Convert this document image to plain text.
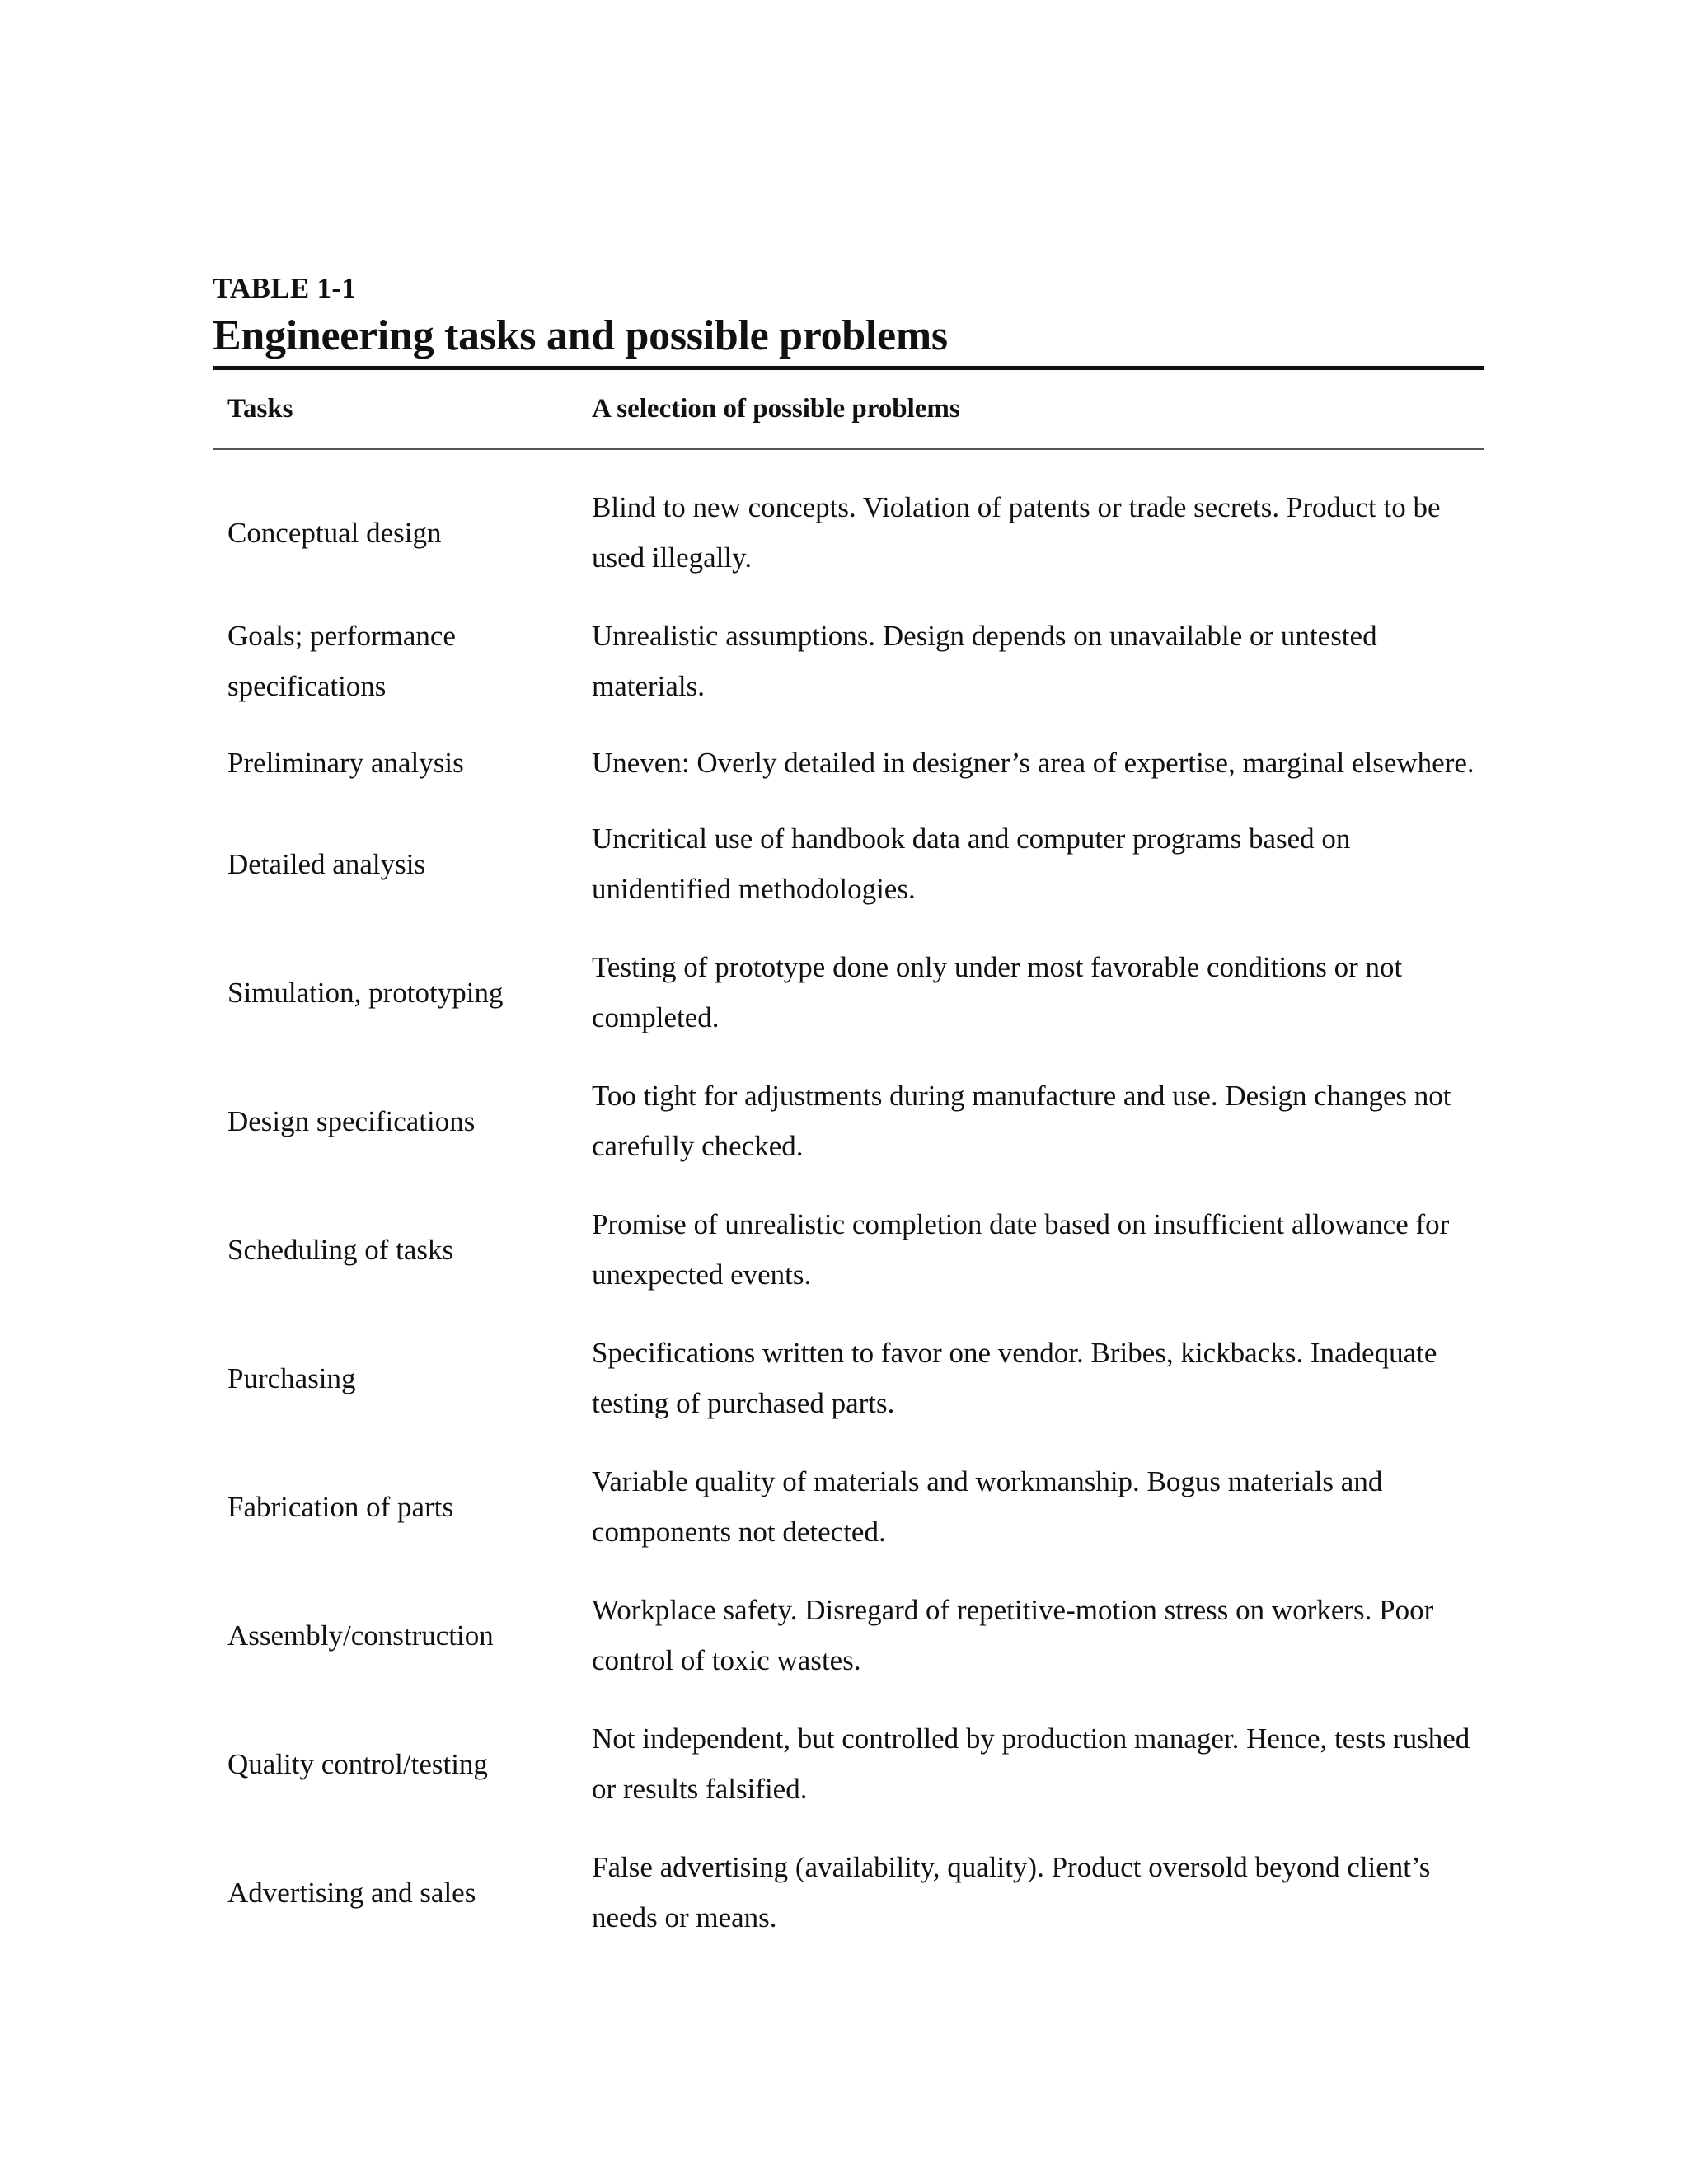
TABLE 1-1
Engineering tasks and possible problems
Tasks	A selection of possible problems

Conceptual design	Blind to new concepts. Violation of patents or trade secrets. Product to be used illegally.
Goals; performance specifications	Unrealistic assumptions. Design depends on unavailable or untested materials.
Preliminary analysis	Uneven: Overly detailed in designer’s area of expertise, marginal elsewhere.
Detailed analysis	Uncritical use of handbook data and computer programs based on unidentified methodologies.
Simulation, prototyping	Testing of prototype done only under most favorable conditions or not completed.
Design specifications	Too tight for adjustments during manufacture and use. Design changes not carefully checked.
Scheduling of tasks	Promise of unrealistic completion date based on insufficient allowance for unexpected events.
Purchasing	Specifications written to favor one vendor. Bribes, kickbacks. Inadequate testing of purchased parts.
Fabrication of parts	Variable quality of materials and workmanship. Bogus materials and components not detected.
Assembly/construction	Workplace safety. Disregard of repetitive-motion stress on workers. Poor control of toxic wastes.
Quality control/testing	Not independent, but controlled by production manager. Hence, tests rushed or results falsified.
Advertising and sales	False advertising (availability, quality). Product oversold beyond client’s needs or means.
